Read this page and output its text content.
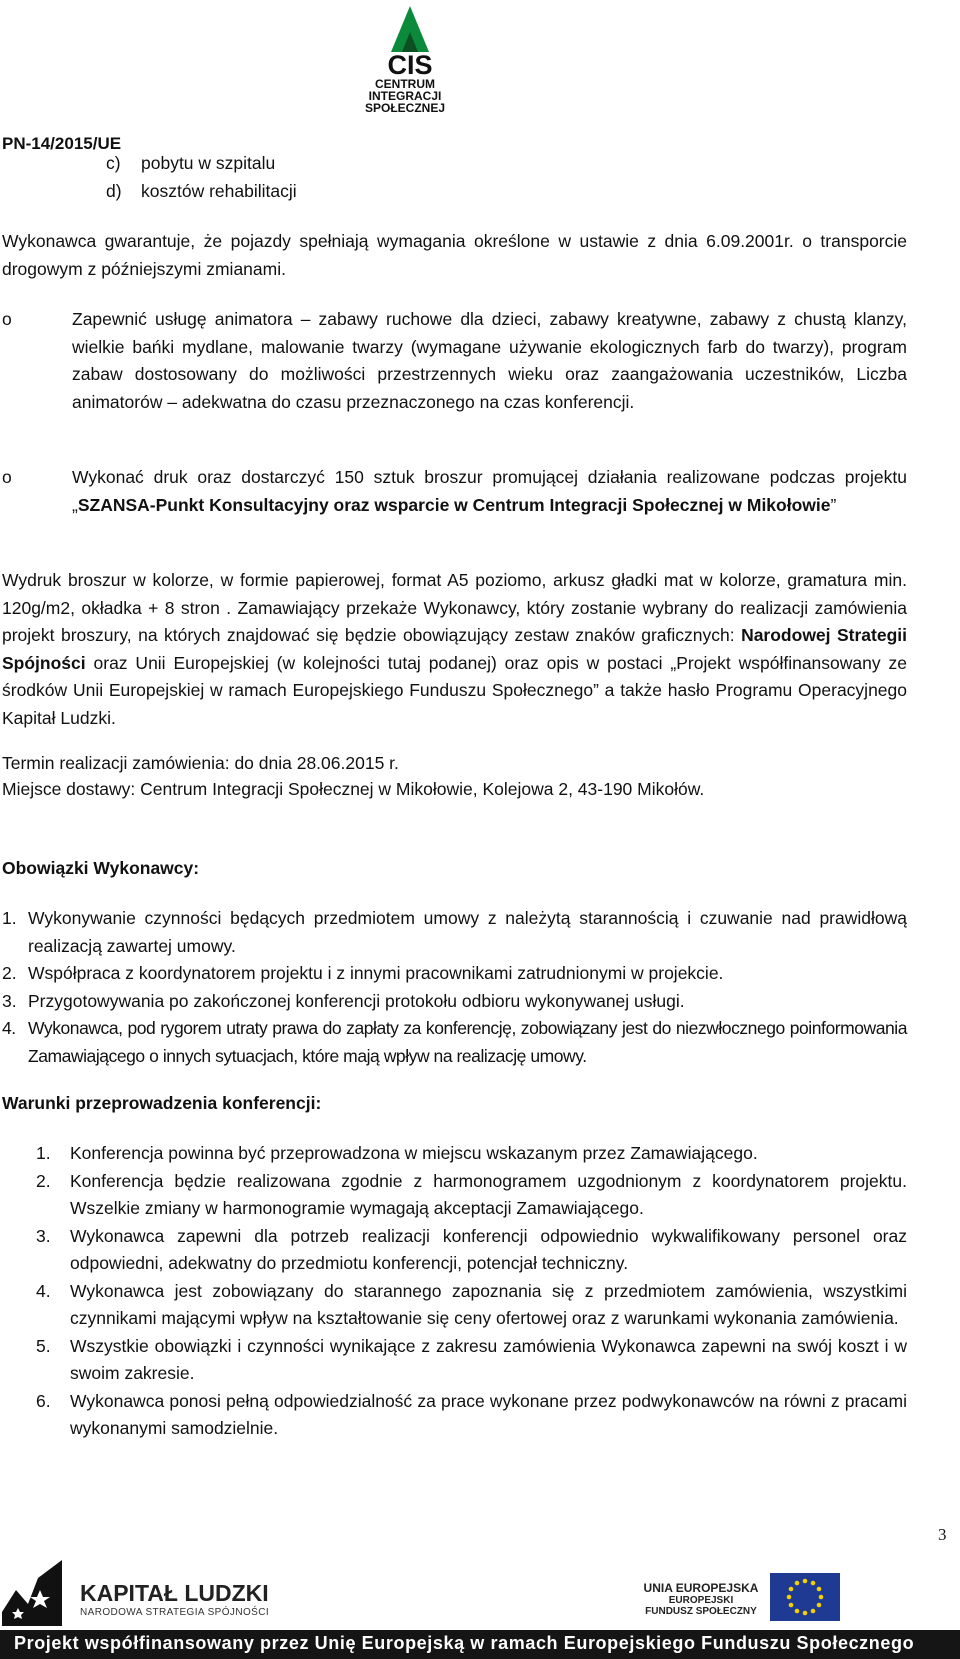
CIS
CENTRUM
INTEGRACJI
SPOŁECZNEJ
PN-14/2015/UE
c) pobytu w szpitalu
d) kosztów rehabilitacji
Wykonawca gwarantuje, że pojazdy spełniają wymagania określone w ustawie z dnia 6.09.2001r. o transporcie drogowym z późniejszymi zmianami.
o	Zapewnić usługę animatora – zabawy ruchowe dla dzieci, zabawy kreatywne, zabawy z chustą klanzy, wielkie bańki mydlane, malowanie twarzy (wymagane używanie ekologicznych farb do twarzy), program zabaw dostosowany do możliwości przestrzennych wieku oraz zaangażowania uczestników, Liczba animatorów – adekwatna do czasu przeznaczonego na czas konferencji.
o	Wykonać druk oraz dostarczyć 150 sztuk broszur promującej działania realizowane podczas projektu „SZANSA-Punkt Konsultacyjny oraz wsparcie w Centrum Integracji Społecznej w Mikołowie”
Wydruk broszur w kolorze, w formie papierowej, format A5 poziomo, arkusz gładki mat w kolorze, gramatura min. 120g/m2, okładka + 8 stron . Zamawiający przekaże Wykonawcy, który zostanie wybrany do realizacji zamówienia projekt broszury, na których znajdować się będzie obowiązujący zestaw znaków graficznych: Narodowej Strategii Spójności oraz Unii Europejskiej (w kolejności tutaj podanej) oraz opis w postaci „Projekt współfinansowany ze środków Unii Europejskiej w ramach Europejskiego Funduszu Społecznego” a także hasło Programu Operacyjnego Kapitał Ludzki.
Termin realizacji zamówienia: do dnia 28.06.2015 r.
Miejsce dostawy: Centrum Integracji Społecznej w Mikołowie, Kolejowa 2, 43-190 Mikołów.
Obowiązki Wykonawcy:
1. Wykonywanie czynności będących przedmiotem umowy z należytą starannością i czuwanie nad prawidłową realizacją zawartej umowy.
2. Współpraca z koordynatorem projektu i z innymi pracownikami zatrudnionymi w projekcie.
3. Przygotowywania po zakończonej konferencji protokołu odbioru wykonywanej usługi.
4. Wykonawca, pod rygorem utraty prawa do zapłaty za konferencję, zobowiązany jest do niezwłocznego poinformowania Zamawiającego o innych sytuacjach, które mają wpływ na realizację umowy.
Warunki przeprowadzenia konferencji:
1. Konferencja powinna być przeprowadzona w miejscu wskazanym przez Zamawiającego.
2. Konferencja będzie realizowana zgodnie z harmonogramem uzgodnionym z koordynatorem projektu. Wszelkie zmiany w harmonogramie wymagają akceptacji Zamawiającego.
3. Wykonawca zapewni dla potrzeb realizacji konferencji odpowiednio wykwalifikowany personel oraz odpowiedni, adekwatny do przedmiotu konferencji, potencjał techniczny.
4. Wykonawca jest zobowiązany do starannego zapoznania się z przedmiotem zamówienia, wszystkimi czynnikami mającymi wpływ na kształtowanie się ceny ofertowej oraz z warunkami wykonania zamówienia.
5. Wszystkie obowiązki i czynności wynikające z zakresu zamówienia Wykonawca zapewni na swój koszt i w swoim zakresie.
6. Wykonawca ponosi pełną odpowiedzialność za prace wykonane przez podwykonawców na równi z pracami wykonanymi samodzielnie.
3
KAPITAŁ LUDZKI
NARODOWA STRATEGIA SPÓJNOŚCI
UNIA EUROPEJSKA
EUROPEJSKI
FUNDUSZ SPOŁECZNY
Projekt współfinansowany przez Unię Europejską w ramach Europejskiego Funduszu Społecznego
